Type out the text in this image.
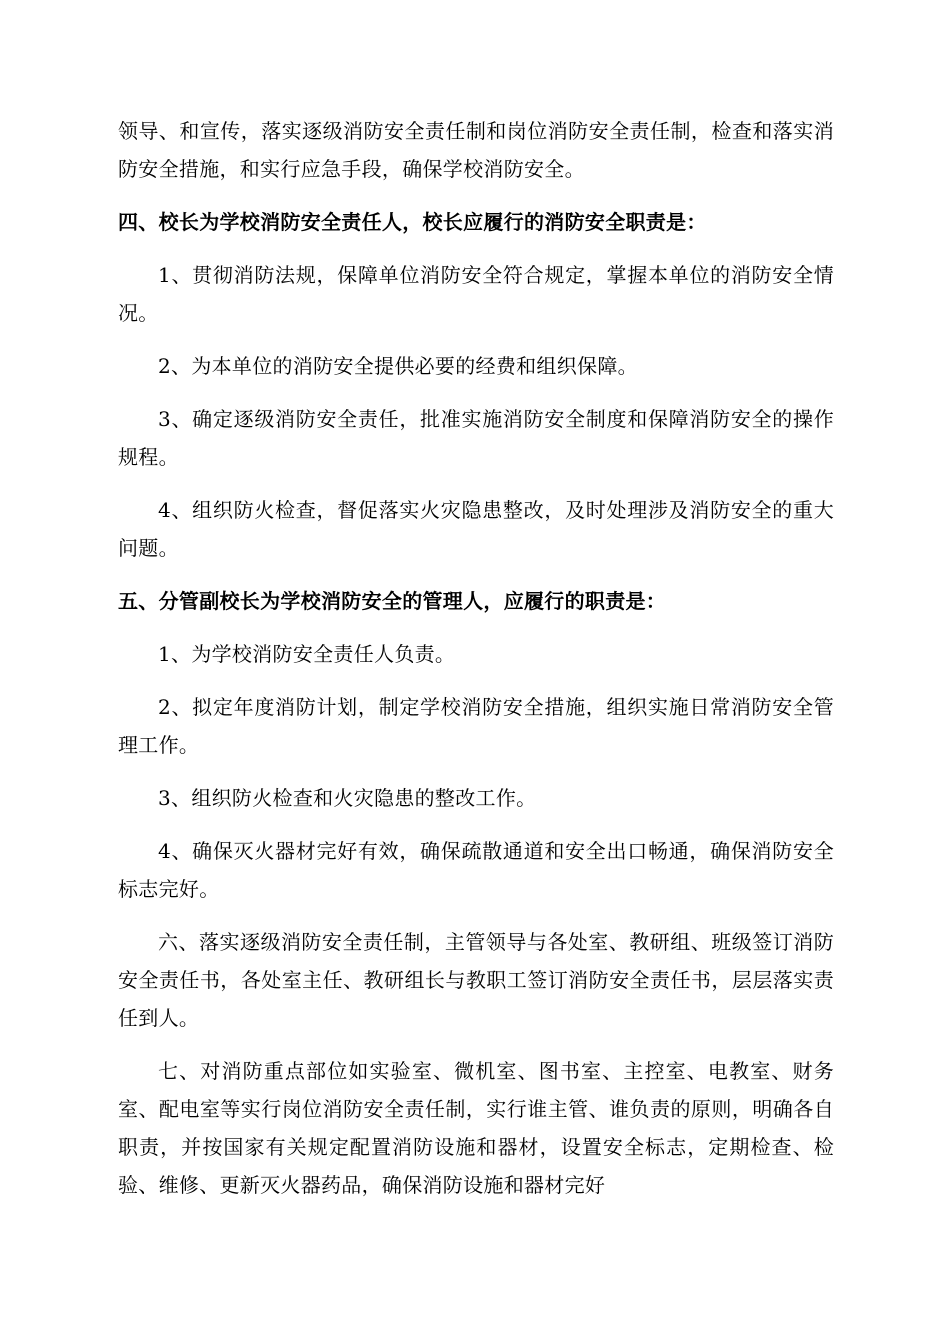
领导、和宣传，落实逐级消防安全责任制和岗位消防安全责任制，检查和落实消防安全措施，和实行应急手段，确保学校消防安全。

四、校长为学校消防安全责任人，校长应履行的消防安全职责是：

1、贯彻消防法规，保障单位消防安全符合规定，掌握本单位的消防安全情况。

2、为本单位的消防安全提供必要的经费和组织保障。

3、确定逐级消防安全责任，批准实施消防安全制度和保障消防安全的操作规程。

4、组织防火检查，督促落实火灾隐患整改，及时处理涉及消防安全的重大问题。

五、分管副校长为学校消防安全的管理人，应履行的职责是：

1、为学校消防安全责任人负责。

2、拟定年度消防计划，制定学校消防安全措施，组织实施日常消防安全管理工作。

3、组织防火检查和火灾隐患的整改工作。

4、确保灭火器材完好有效，确保疏散通道和安全出口畅通，确保消防安全标志完好。

六、落实逐级消防安全责任制，主管领导与各处室、教研组、班级签订消防安全责任书，各处室主任、教研组长与教职工签订消防安全责任书，层层落实责任到人。

七、对消防重点部位如实验室、微机室、图书室、主控室、电教室、财务室、配电室等实行岗位消防安全责任制，实行谁主管、谁负责的原则，明确各自职责，并按国家有关规定配置消防设施和器材，设置安全标志，定期检查、检验、维修、更新灭火器药品，确保消防设施和器材完好
